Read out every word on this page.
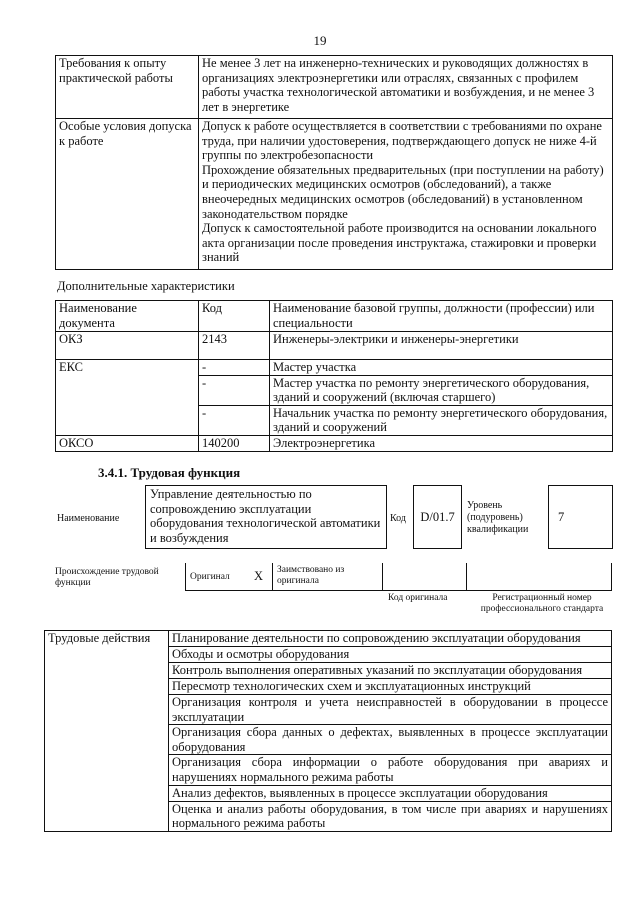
19
Требования к опыту практической работы	Не менее 3 лет на инженерно-технических и руководящих должностях в организациях электроэнергетики или отраслях, связанных с профилем работы участка технологической автоматики и возбуждения, и не менее 3 лет в энергетике

Особые условия допуска к работе	Допуск к работе осуществляется в соответствии с требованиями по охране труда, при наличии удостоверения, подтверждающего допуск не ниже 4-й группы по электробезопасности
Прохождение обязательных предварительных (при поступлении на работу) и периодических медицинских осмотров (обследований), а также внеочередных медицинских осмотров (обследований) в установленном законодательством порядке
Допуск к самостоятельной работе производится на основании локального акта организации после проведения инструктажа, стажировки и проверки знаний
Дополнительные характеристики
Наименование документа	Код	Наименование базовой группы, должности (профессии) или специальности
ОКЗ	2143	Инженеры-электрики и инженеры-энергетики
ЕКС	-	Мастер участка
	-	Мастер участка по ремонту энергетического оборудования, зданий и сооружений (включая старшего)
	-	Начальник участка по ремонту энергетического оборудования, зданий и сооружений
ОКСО	140200	Электроэнергетика
3.4.1. Трудовая функция
Наименование
Управление деятельностью по сопровождению эксплуатации оборудования технологической автоматики и возбуждения
Код	D/01.7
Уровень (подуровень) квалификации
7
Происхождение трудовой функции
Оригинал X Заимствовано из оригинала
Код оригинала	Регистрационный номер профессионального стандарта
Трудовые действия	Планирование деятельности по сопровождению эксплуатации оборудования
Обходы и осмотры оборудования
Контроль выполнения оперативных указаний по эксплуатации оборудования
Пересмотр технологических схем и эксплуатационных инструкций
Организация контроля и учета неисправностей в оборудовании в процессе эксплуатации
Организация сбора данных о дефектах, выявленных в процессе эксплуатации оборудования
Организация сбора информации о работе оборудования при авариях и нарушениях нормального режима работы
Анализ дефектов, выявленных в процессе эксплуатации оборудования
Оценка и анализ работы оборудования, в том числе при авариях и нарушениях нормального режима работы
